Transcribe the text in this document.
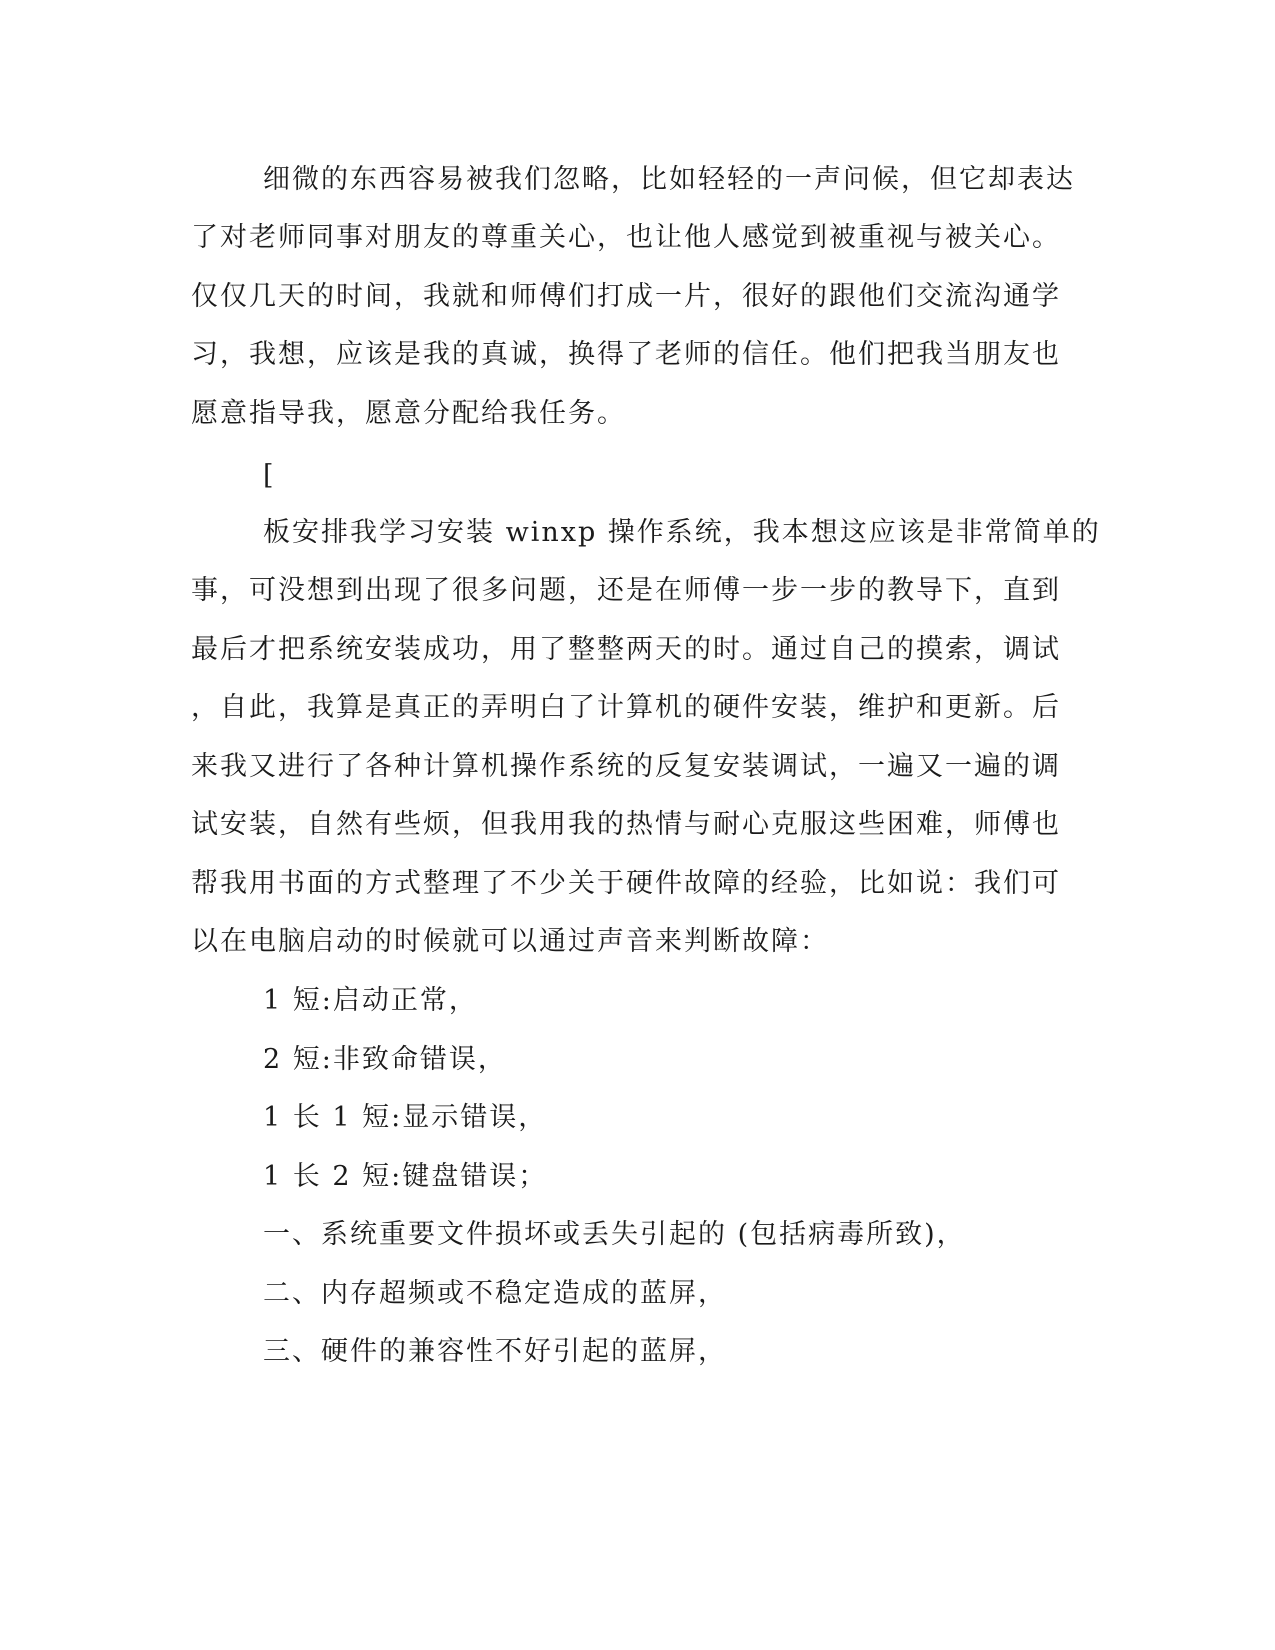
细微的东西容易被我们忽略，比如轻轻的一声问候，但它却表达
了对老师同事对朋友的尊重关心，也让他人感觉到被重视与被关心。
仅仅几天的时间，我就和师傅们打成一片，很好的跟他们交流沟通学
习，我想，应该是我的真诚，换得了老师的信任。他们把我当朋友也
愿意指导我，愿意分配给我任务。
[
板安排我学习安装 winxp 操作系统，我本想这应该是非常简单的
事，可没想到出现了很多问题，还是在师傅一步一步的教导下，直到
最后才把系统安装成功，用了整整两天的时。通过自己的摸索，调试
，自此，我算是真正的弄明白了计算机的硬件安装，维护和更新。后
来我又进行了各种计算机操作系统的反复安装调试，一遍又一遍的调
试安装，自然有些烦，但我用我的热情与耐心克服这些困难，师傅也
帮我用书面的方式整理了不少关于硬件故障的经验，比如说：我们可
以在电脑启动的时候就可以通过声音来判断故障：
1 短:启动正常，
2 短:非致命错误，
1 长 1 短:显示错误，
1 长 2 短:键盘错误；
一、系统重要文件损坏或丢失引起的 (包括病毒所致)，
二、内存超频或不稳定造成的蓝屏，
三、硬件的兼容性不好引起的蓝屏，
